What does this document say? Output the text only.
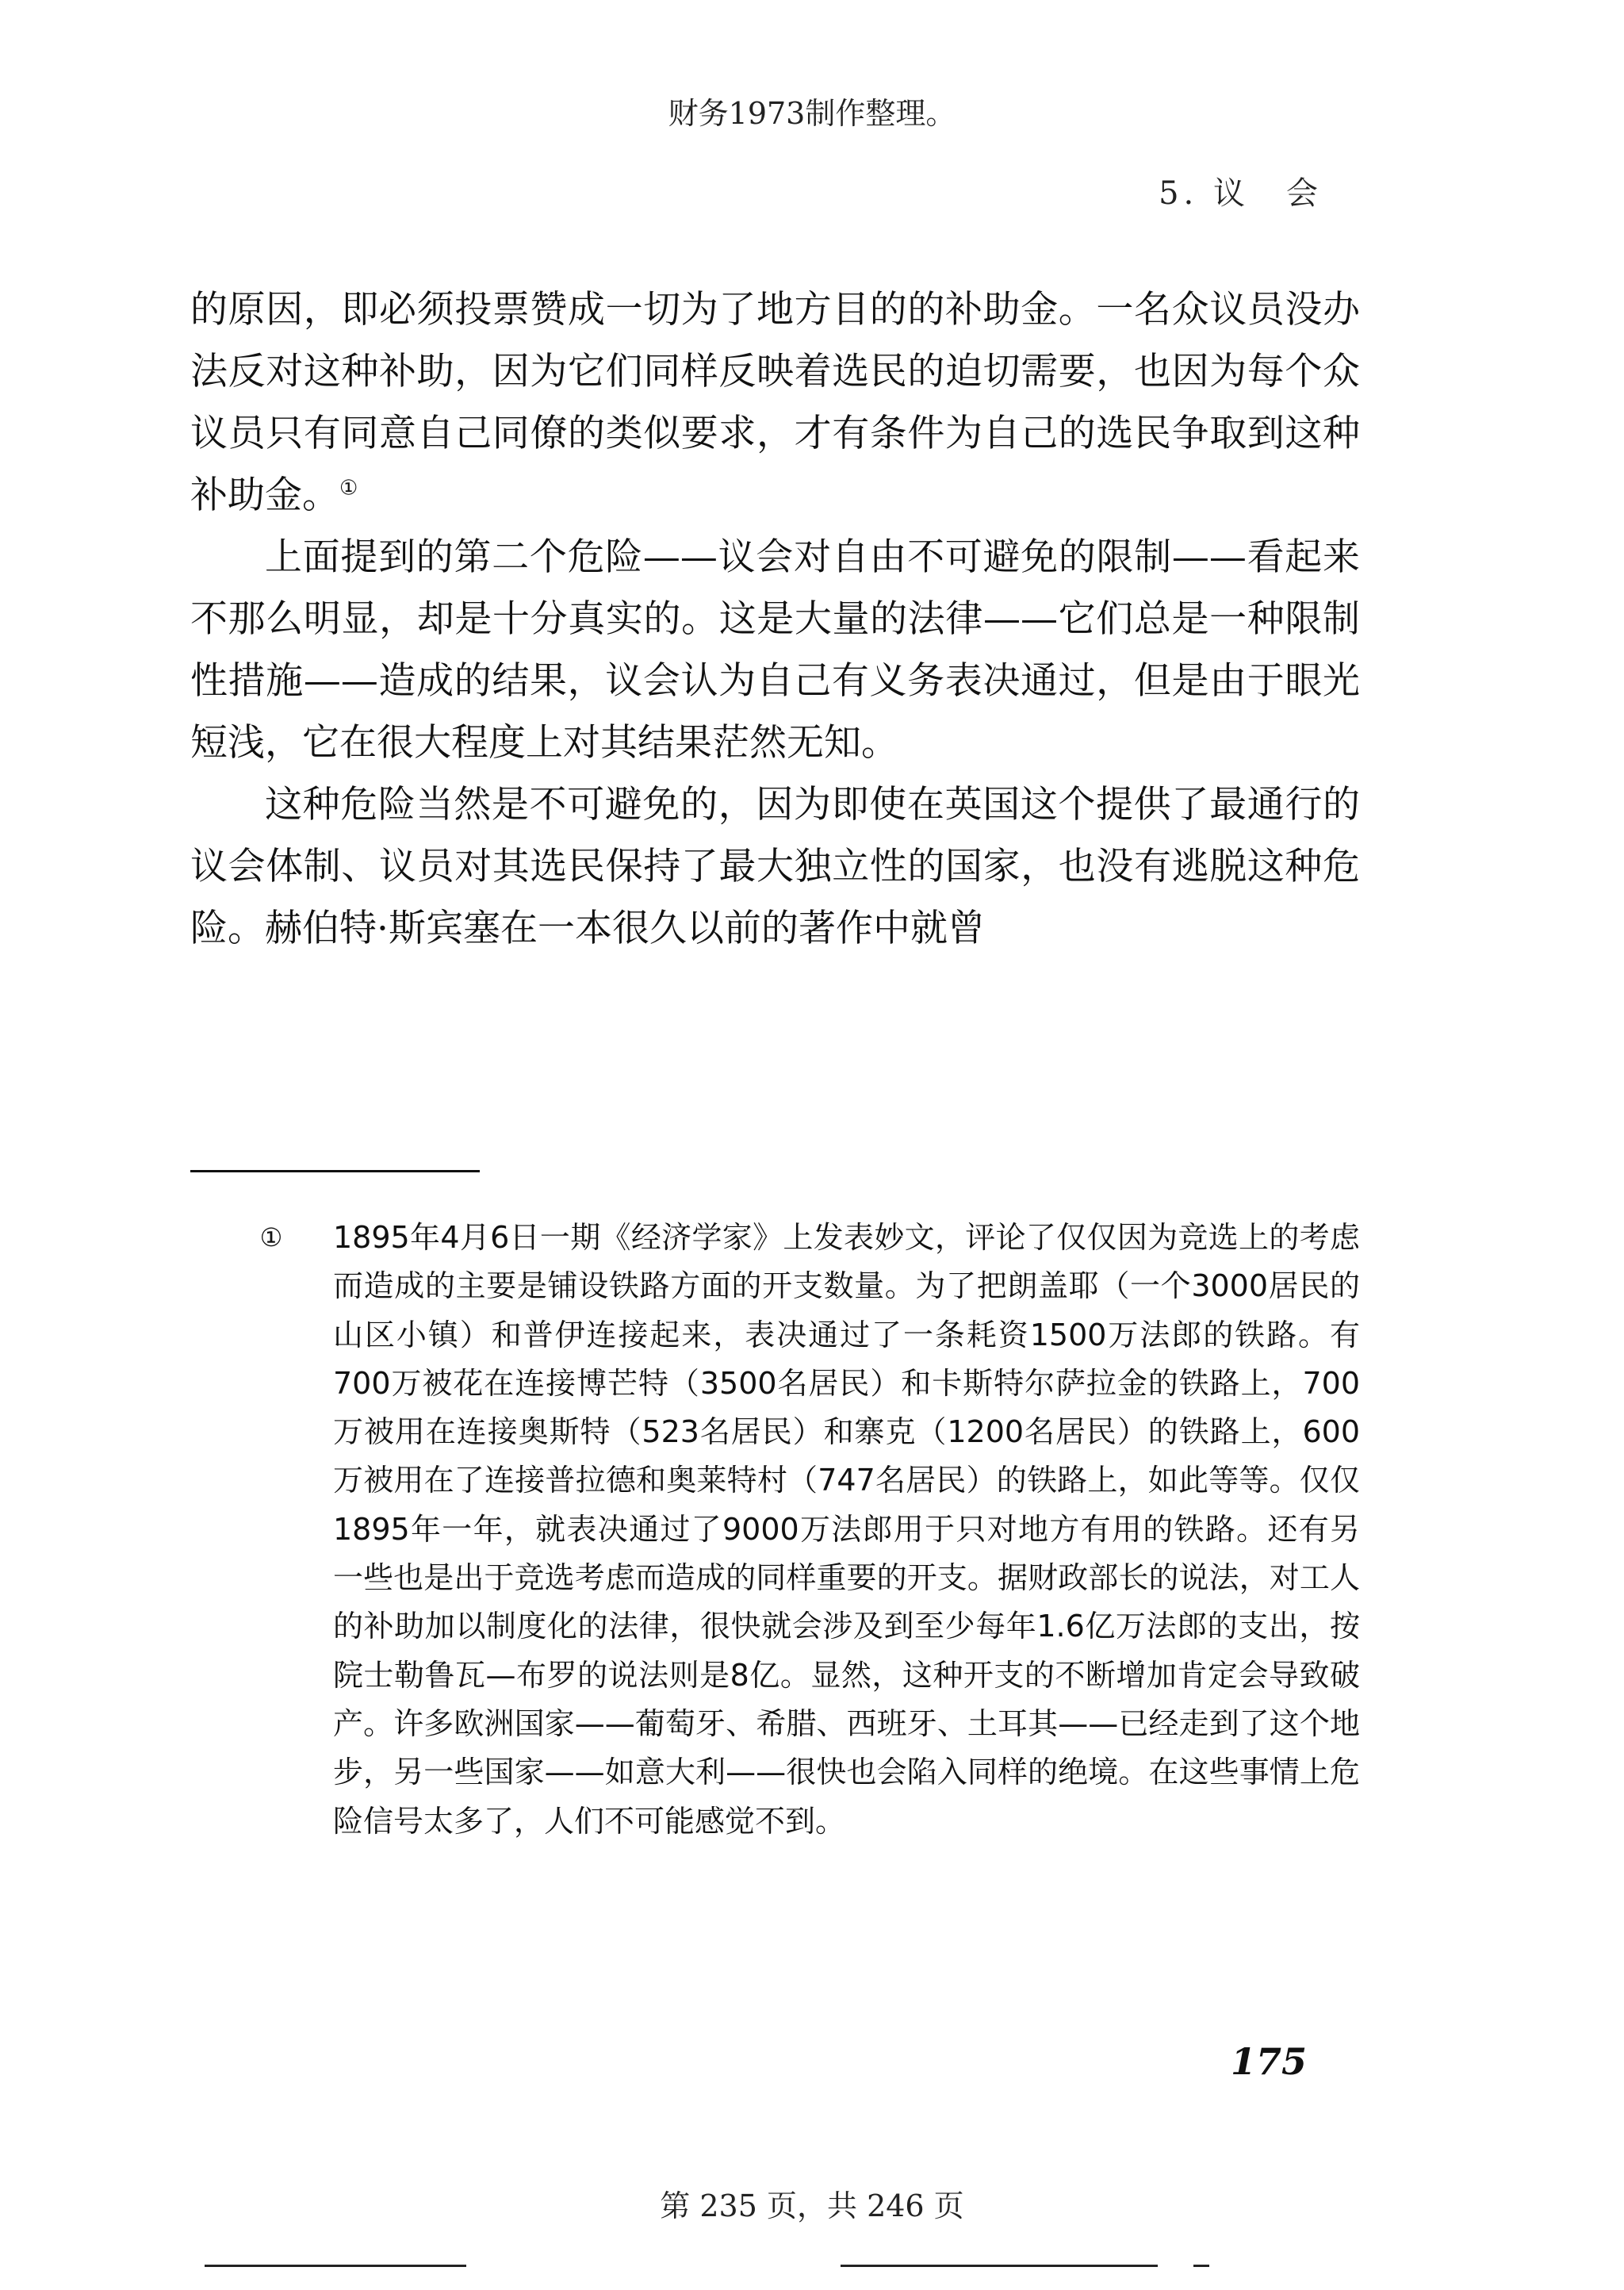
财务1973制作整理。
5. 议　会

的原因，即必须投票赞成一切为了地方目的的补助金。一名众议员没办法反对这种补助，因为它们同样反映着选民的迫切需要，也因为每个众议员只有同意自己同僚的类似要求，才有条件为自己的选民争取到这种补助金。①

上面提到的第二个危险——议会对自由不可避免的限制——看起来不那么明显，却是十分真实的。这是大量的法律——它们总是一种限制性措施——造成的结果，议会认为自己有义务表决通过，但是由于眼光短浅，它在很大程度上对其结果茫然无知。

这种危险当然是不可避免的，因为即使在英国这个提供了最通行的议会体制、议员对其选民保持了最大独立性的国家，也没有逃脱这种危险。赫伯特·斯宾塞在一本很久以前的著作中就曾

① 1895年4月6日一期《经济学家》上发表妙文，评论了仅仅因为竞选上的考虑而造成的主要是铺设铁路方面的开支数量。为了把朗盖耶（一个3000居民的山区小镇）和普伊连接起来，表决通过了一条耗资1500万法郎的铁路。有700万被花在连接博芒特（3500名居民）和卡斯特尔萨拉金的铁路上，700万被用在连接奥斯特（523名居民）和寨克（1200名居民）的铁路上，600万被用在了连接普拉德和奥莱特村（747名居民）的铁路上，如此等等。仅仅1895年一年，就表决通过了9000万法郎用于只对地方有用的铁路。还有另一些也是出于竞选考虑而造成的同样重要的开支。据财政部长的说法，对工人的补助加以制度化的法律，很快就会涉及到至少每年1.6亿万法郎的支出，按院士勒鲁瓦—布罗的说法则是8亿。显然，这种开支的不断增加肯定会导致破产。许多欧洲国家——葡萄牙、希腊、西班牙、土耳其——已经走到了这个地步，另一些国家——如意大利——很快也会陷入同样的绝境。在这些事情上危险信号太多了，人们不可能感觉不到。
175
第 235 页，共 246 页
